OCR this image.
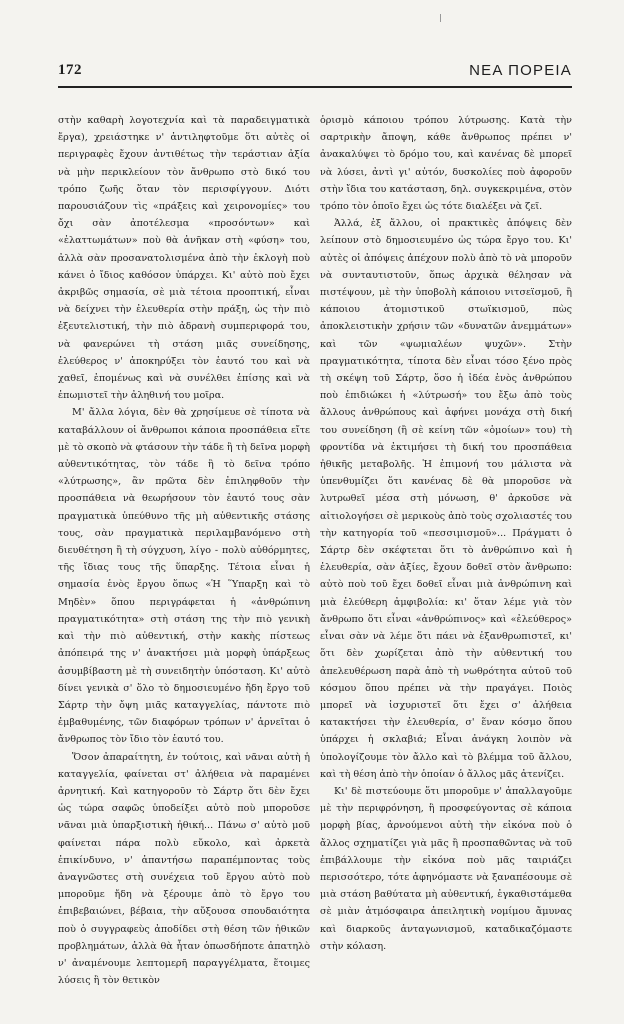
172	ΝΕΑ ΠΟΡΕΙΑ

στὴν καθαρὴ λογοτεχνία καὶ τὰ παραδειγματικὰ ἔργα), χρειάστηκε ν' ἀντιληφτοῦμε ὅτι αὐτὲς οἱ περιγραφὲς ἔχουν ἀντιθέτως τὴν τεράστιαν ἀξία νὰ μὴν περικλείουν τὸν ἄνθρωπο στὸ δικό του τρόπο ζωῆς ὅταν τὸν περισφίγγουν. Διότι παρουσιάζουν τὶς «πράξεις καὶ χειρονομίες» του ὄχι σὰν ἀποτέλεσμα «προσόντων» καὶ «ἐλαττωμάτων» ποὺ θὰ ἀνῆκαν στὴ «φύση» του, ἀλλὰ σὰν προσανατολισμένα ἀπὸ τὴν ἐκλογὴ ποὺ κάνει ὁ ἴδιος καθόσον ὑπάρχει. Κι' αὐτὸ ποὺ ἔχει ἀκριβῶς σημασία, σὲ μιὰ τέτοια προοπτική, εἶναι νὰ δείχνει τὴν ἐλευθερία στὴν πράξη, ὡς τὴν πιὸ ἐξευτελιστική, τὴν πιὸ ἀδρανὴ συμπεριφορά του, νὰ φανερώνει τὴ στάση μιᾶς συνείδησης, ἐλεύθερος ν' ἀποκηρύξει τὸν ἑαυτό του καὶ νὰ χαθεῖ, ἑπομένως καὶ νὰ συνέλθει ἐπίσης καὶ νὰ ἐπωμιστεῖ τὴν ἀληθινή του μοῖρα.

Μ' ἄλλα λόγια, δὲν θὰ χρησίμευε σὲ τίποτα νὰ καταβάλλουν οἱ ἄνθρωποι κάποια προσπάθεια εἴτε μὲ τὸ σκοπὸ νὰ φτάσουν τὴν τάδε ἢ τὴ δεῖνα μορφὴ αὐθεντικότητας, τὸν τάδε ἢ τὸ δεῖνα τρόπο «λύτρωσης», ἂν πρῶτα δὲν ἐπιληφθοῦν τὴν προσπάθεια νὰ θεωρήσουν τὸν ἑαυτό τους σὰν πραγματικὰ ὑπεύθυνο τῆς μὴ αὐθεντικῆς στάσης τους, σὰν πραγματικὰ περιλαμβανόμενο στὴ διευθέτηση ἢ τὴ σύγχυση, λίγο - πολὺ αὐθόρμητες, τῆς ἴδιας τους τῆς ὕπαρξης. Τέτοια εἶναι ἡ σημασία ἑνὸς ἔργου ὅπως «Ἡ Ὕπαρξη καὶ τὸ Μηδὲν» ὅπου περιγράφεται ἡ «ἀνθρώπινη πραγματικότητα» στὴ στάση της τὴν πιὸ γενικὴ καὶ τὴν πιὸ αὐθεντική, στὴν κακὴς πίστεως ἀπόπειρά της ν' ἀνακτήσει μιὰ μορφὴ ὑπάρξεως ἀσυμβίβαστη μὲ τὴ συνειδητὴν ὑπόσταση. Κι' αὐτὸ δίνει γενικὰ σ' ὅλο τὸ δημοσιευμένο ἤδη ἔργο τοῦ Σάρτρ τὴν ὄψη μιᾶς καταγγελίας, πάντοτε πιὸ ἐμβαθυμένης, τῶν διαφόρων τρόπων ν' ἀρνεῖται ὁ ἄνθρωπος τὸν ἴδιο τὸν ἑαυτό του.

Ὅσον ἀπαραίτητη, ἐν τούτοις, καὶ νᾶναι αὐτὴ ἡ καταγγελία, φαίνεται στ' ἀλήθεια νὰ παραμένει ἀρνητική. Καὶ κατηγοροῦν τὸ Σάρτρ ὅτι δὲν ἔχει ὡς τώρα σαφῶς ὑποδείξει αὐτὸ ποὺ μποροῦσε νᾶναι μιὰ ὑπαρξιστικὴ ἠθική... Πάνω σ' αὐτὸ μοῦ φαίνεται πάρα πολὺ εὔκολο, καὶ ἀρκετὰ ἐπικίνδυνο, ν' ἀπαντήσω παραπέμποντας τοὺς ἀναγνῶστες στὴ συνέχεια τοῦ ἔργου αὐτὸ ποὺ μποροῦμε ἤδη νὰ ξέρουμε ἀπὸ τὸ ἔργο του ἐπιβεβαιώνει, βέβαια, τὴν αὔξουσα σπουδαιότητα ποὺ ὁ συγγραφεὺς ἀποδίδει στὴ θέση τῶν ἠθικῶν προβλημάτων, ἀλλὰ θὰ ἦταν ὁπωσδήποτε ἀπατηλὸ ν' ἀναμένουμε λεπτομερῆ παραγγέλματα, ἕτοιμες λύσεις ἢ τὸν θετικὸν

ὁρισμὸ κάποιου τρόπου λύτρωσης. Κατὰ τὴν σαρτρικὴν ἄποψη, κάθε ἄνθρωπος πρέπει ν' ἀνακαλύψει τὸ δρόμο του, καὶ κανένας δὲ μπορεῖ νὰ λύσει, ἀντὶ γι' αὐτόν, δυσκολίες ποὺ ἀφοροῦν στὴν ἴδια του κατάσταση, δηλ. συγκεκριμένα, στὸν τρόπο τὸν ὁποῖο ἔχει ὡς τότε διαλέξει νὰ ζεῖ.

Ἀλλά, ἐξ ἄλλου, οἱ πρακτικὲς ἀπόψεις δὲν λείπουν στὸ δημοσιευμένο ὡς τώρα ἔργο του. Κι' αὐτὲς οἱ ἀπόψεις ἀπέχουν πολὺ ἀπὸ τὸ νὰ μποροῦν νὰ συνταυτιστοῦν, ὅπως ἀρχικὰ θέλησαν νὰ πιστέψουν, μὲ τὴν ὑποβολὴ κάποιου νιτσεϊσμοῦ, ἢ κάποιου ἀτομιστικοῦ στωϊκισμοῦ, πὼς ἀποκλειστικὴν χρήσιν τῶν «δυνατῶν ἀνεμμάτων» καὶ τῶν «ψωμιαλέων ψυχῶν». Στὴν πραγματικότητα, τίποτα δὲν εἶναι τόσο ξένο πρὸς τὴ σκέψη τοῦ Σάρτρ, ὅσο ἡ ἰδέα ἑνὸς ἀνθρώπου ποὺ ἐπιδιώκει ἡ «λύτρωσή» του ἔξω ἀπὸ τοὺς ἄλλους ἀνθρώπους καὶ ἀφήνει μονάχα στὴ δική του συνείδηση (ἢ σὲ κείνη τῶν «ὁμοίων» του) τὴ φροντίδα νὰ ἐκτιμήσει τὴ δική του προσπάθεια ἠθικῆς μεταβολῆς. Ἡ ἐπιμονή του μάλιστα νὰ ὑπενθυμίζει ὅτι κανένας δὲ θὰ μποροῦσε νὰ λυτρωθεῖ μέσα στὴ μόνωση, θ' ἀρκοῦσε νὰ αἰτιολογήσει σὲ μερικοὺς ἀπὸ τοὺς σχολιαστές του τὴν κατηγορία τοῦ «πεσσιμισμοῦ»... Πράγματι ὁ Σάρτρ δὲν σκέφτεται ὅτι τὸ ἀνθρώπινο καὶ ἡ ἐλευθερία, σὰν ἀξίες, ἔχουν δοθεῖ στὸν ἄνθρωπο: αὐτὸ ποὺ τοῦ ἔχει δοθεῖ εἶναι μιὰ ἀνθρώπινη καὶ μιὰ ἐλεύθερη ἀμφιβολία: κι' ὅταν λέμε γιὰ τὸν ἄνθρωπο ὅτι εἶναι «ἀνθρώπινος» καὶ «ἐλεύθερος» εἶναι σὰν νὰ λέμε ὅτι πάει νὰ ἐξανθρωπιστεῖ, κι' ὅτι δὲν χωρίζεται ἀπὸ τὴν αὐθεντική του ἀπελευθέρωση παρὰ ἀπὸ τὴ νωθρότητα αὐτοῦ τοῦ κόσμου ὅπου πρέπει νὰ τὴν πραγάγει. Ποιὸς μπορεῖ νὰ ἰσχυριστεῖ ὅτι ἔχει σ' ἀλήθεια κατακτήσει τὴν ἐλευθερία, σ' ἕναν κόσμο ὅπου ὑπάρχει ἡ σκλαβιά; Εἶναι ἀνάγκη λοιπὸν νὰ ὑπολογίζουμε τὸν ἄλλο καὶ τὸ βλέμμα τοῦ ἄλλου, καὶ τὴ θέση ἀπὸ τὴν ὁποίαν ὁ ἄλλος μᾶς ἀτενίζει.

Κι' δὲ πιστεύουμε ὅτι μποροῦμε ν' ἀπαλλαγοῦμε μὲ τὴν περιφρόνηση, ἢ προσφεύγοντας σὲ κάποια μορφὴ βίας, ἀρνούμενοι αὐτὴ τὴν εἰκόνα ποὺ ὁ ἄλλος σχηματίζει γιὰ μᾶς ἢ προσπαθῶντας νὰ τοῦ ἐπιβάλλουμε τὴν εἰκόνα ποὺ μᾶς ταιριάζει περισσότερο, τότε ἀφηνόμαστε νὰ ξαναπέσουμε σὲ μιὰ στάση βαθύτατα μὴ αὐθεντική, ἐγκαθιστάμεθα σὲ μιὰν ἀτμόσφαιρα ἀπειλητικὴ νομίμου ἄμυνας καὶ διαρκοῦς ἀνταγωνισμοῦ, καταδικαζόμαστε στὴν κόλαση.
